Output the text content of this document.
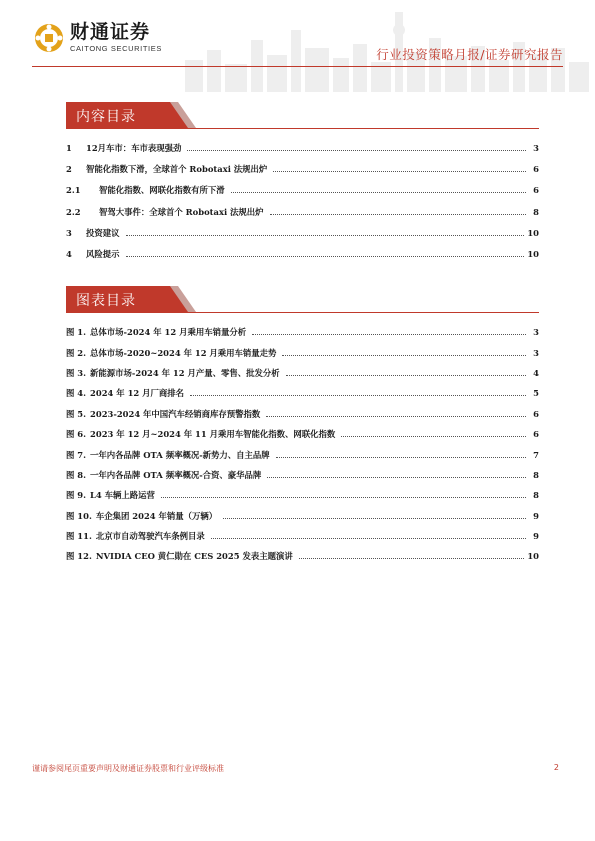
财通证券
CAITONG SECURITIES	行业投资策略月报/证券研究报告
内容目录
1	12月车市：车市表现强劲	3
2	智能化指数下滑，全球首个 Robotaxi 法规出炉	6
2.1	智能化指数、网联化指数有所下滑	6
2.2	智驾大事件：全球首个 Robotaxi 法规出炉	8
3	投资建议	10
4	风险提示	10
图表目录
图 1. 总体市场-2024 年 12 月乘用车销量分析	3
图 2. 总体市场-2020~2024 年 12 月乘用车销量走势	3
图 3. 新能源市场-2024 年 12 月产量、零售、批发分析	4
图 4. 2024 年 12 月厂商排名	5
图 5. 2023-2024 年中国汽车经销商库存预警指数	6
图 6. 2023 年 12 月~2024 年 11 月乘用车智能化指数、网联化指数	6
图 7. 一年内各品牌 OTA 频率概况-新势力、自主品牌	7
图 8. 一年内各品牌 OTA 频率概况-合资、豪华品牌	8
图 9. L4 车辆上路运营	8
图 10. 车企集团 2024 年销量（万辆）	9
图 11. 北京市自动驾驶汽车条例目录	9
图 12. NVIDIA CEO 黄仁勋在 CES 2025 发表主题演讲	10
谨请参阅尾页重要声明及财通证券股票和行业评级标准	2
